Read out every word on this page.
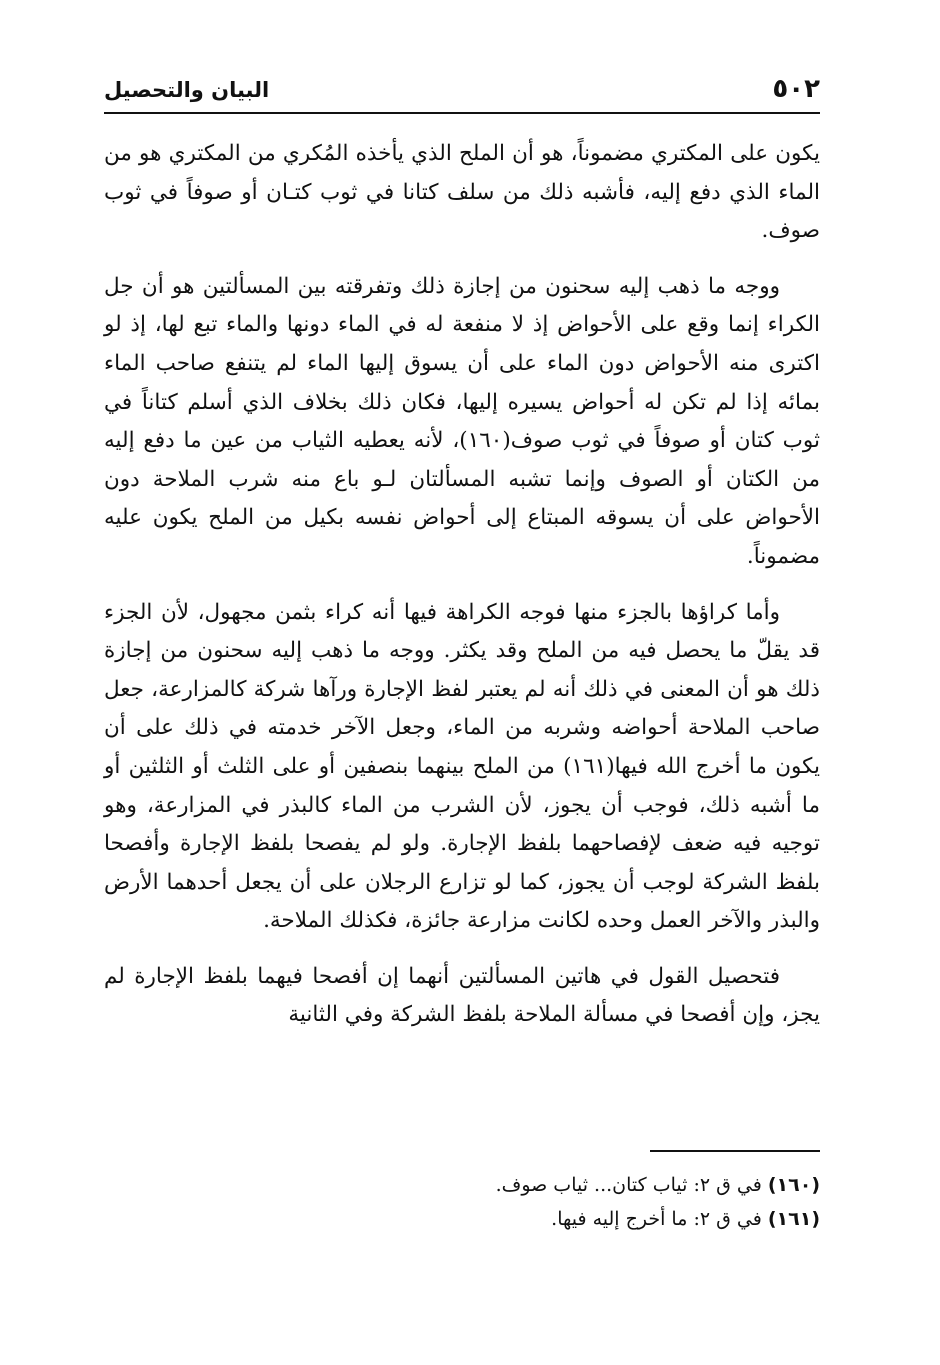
٥٠٢
البيان والتحصيل

يكون على المكتري مضموناً، هو أن الملح الذي يأخذه المُكري من المكتري هو من الماء الذي دفع إليه، فأشبه ذلك من سلف كتانا في ثوب كتـان أو صوفاً في ثوب صوف.

ووجه ما ذهب إليه سحنون من إجازة ذلك وتفرقته بين المسألتين هو أن جل الكراء إنما وقع على الأحواض إذ لا منفعة له في الماء دونها والماء تبع لها، إذ لو اكترى منه الأحواض دون الماء على أن يسوق إليها الماء لم يتنفع صاحب الماء بمائه إذا لم تكن له أحواض يسيره إليها، فكان ذلك بخلاف الذي أسلم كتاناً في ثوب كتان أو صوفاً في ثوب صوف(١٦٠)، لأنه يعطيه الثياب من عين ما دفع إليه من الكتان أو الصوف وإنما تشبه المسألتان لـو باع منه شرب الملاحة دون الأحواض على أن يسوقه المبتاع إلى أحواض نفسه بكيل من الملح يكون عليه مضموناً.

وأما كراؤها بالجزء منها فوجه الكراهة فيها أنه كراء بثمن مجهول، لأن الجزء قد يقلّ ما يحصل فيه من الملح وقد يكثر. ووجه ما ذهب إليه سحنون من إجازة ذلك هو أن المعنى في ذلك أنه لم يعتبر لفظ الإجارة ورآها شركة كالمزارعة، جعل صاحب الملاحة أحواضه وشربه من الماء، وجعل الآخر خدمته في ذلك على أن يكون ما أخرج الله فيها(١٦١) من الملح بينهما بنصفين أو على الثلث أو الثلثين أو ما أشبه ذلك، فوجب أن يجوز، لأن الشرب من الماء كالبذر في المزارعة، وهو توجيه فيه ضعف لإفصاحهما بلفظ الإجارة. ولو لم يفصحا بلفظ الإجارة وأفصحا بلفظ الشركة لوجب أن يجوز، كما لو تزارع الرجلان على أن يجعل أحدهما الأرض والبذر والآخر العمل وحده لكانت مزارعة جائزة، فكذلك الملاحة.

فتحصيل القول في هاتين المسألتين أنهما إن أفصحا فيهما بلفظ الإجارة لم يجز، وإن أفصحا في مسألة الملاحة بلفظ الشركة وفي الثانية

(١٦٠)في ق ٢: ثياب كتان... ثياب صوف.
(١٦١)في ق ٢: ما أخرج إليه فيها.
